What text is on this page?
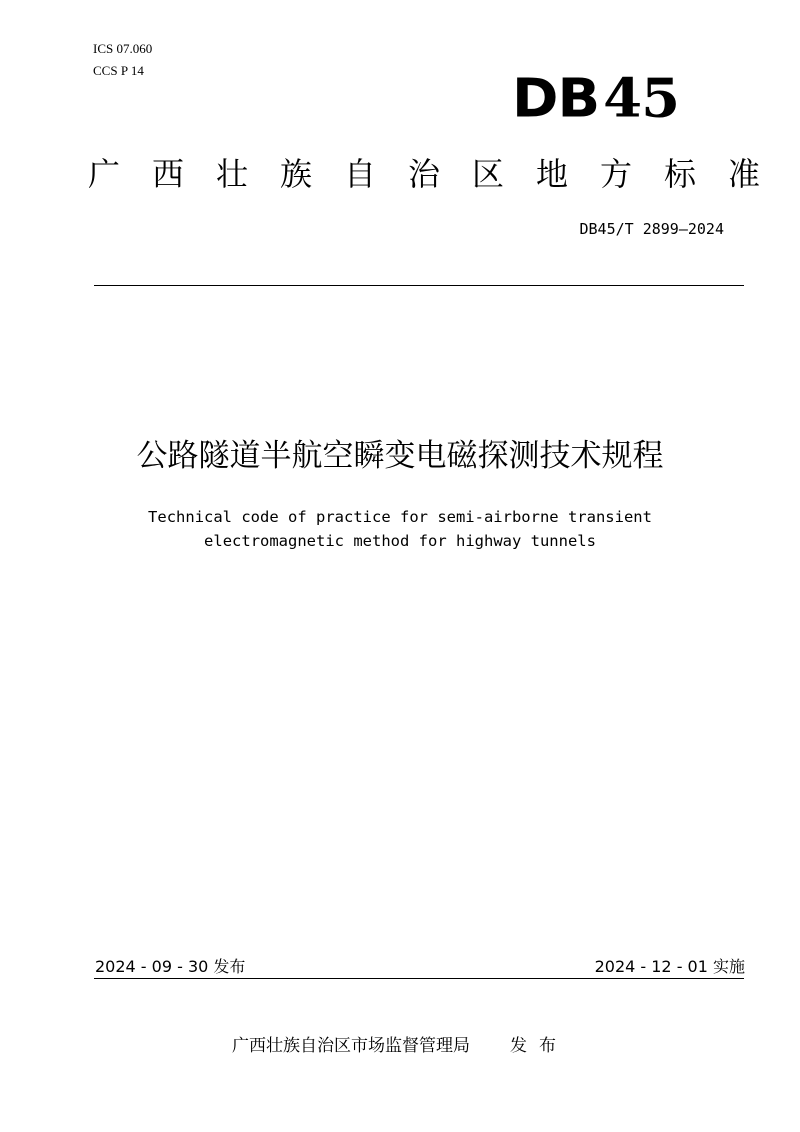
ICS 07.060
CCS P 14	DB45
广西壮族自治区地方标准
DB45/T 2899—2024
公路隧道半航空瞬变电磁探测技术规程
Technical code of practice for semi-airborne transient
electromagnetic method for highway tunnels
2024 - 09 - 30 发布	2024 - 12 - 01 实施
广西壮族自治区市场监督管理局 发布
